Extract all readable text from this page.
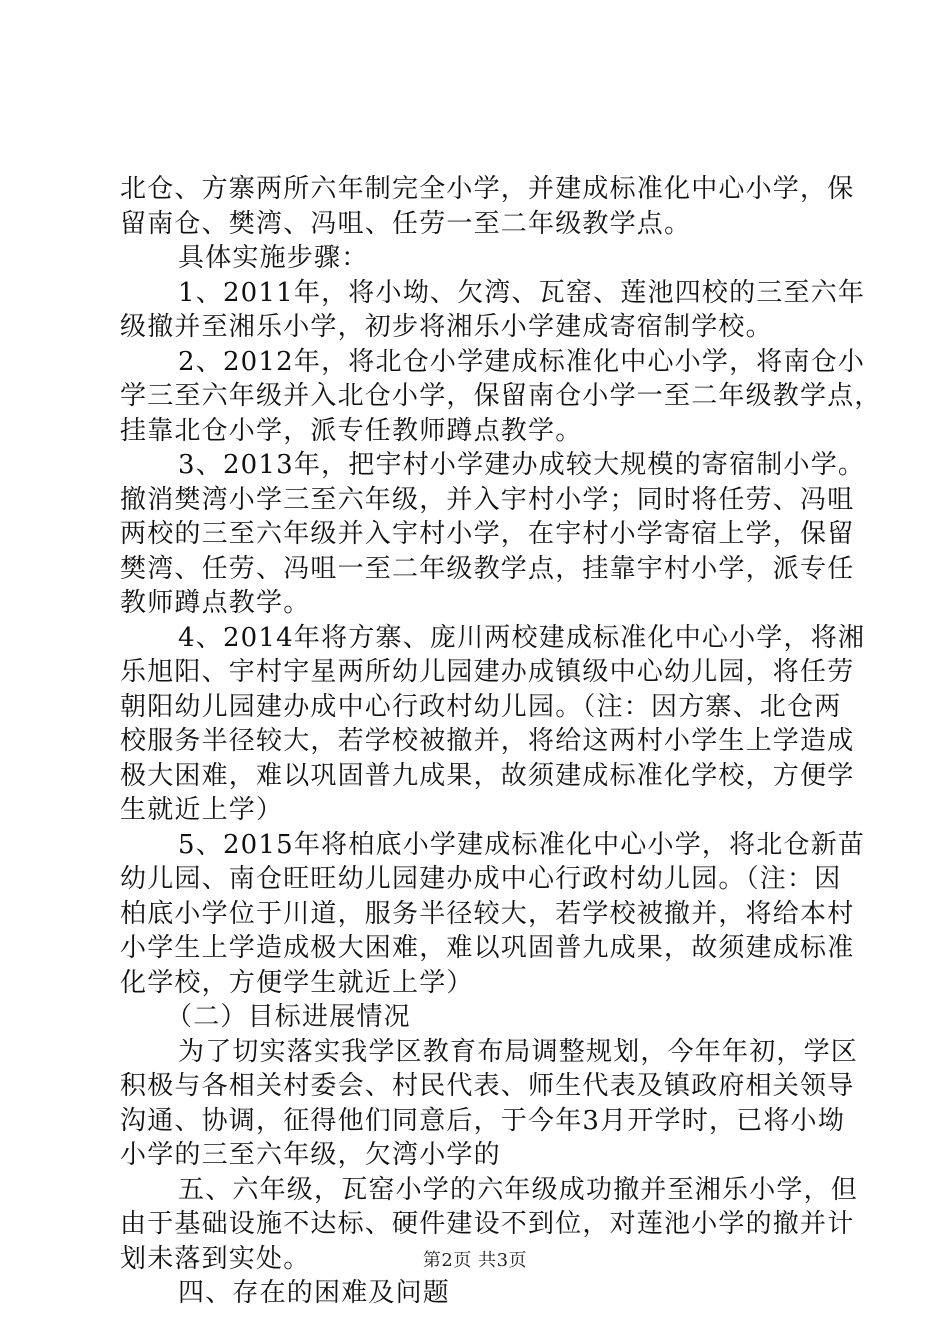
北仓、方寨两所六年制完全小学，并建成标准化中心小学，保
留南仓、樊湾、冯咀、任劳一至二年级教学点。
具体实施步骤：
1、2011年，将小坳、欠湾、瓦窑、莲池四校的三至六年
级撤并至湘乐小学，初步将湘乐小学建成寄宿制学校。
2、2012年，将北仓小学建成标准化中心小学，将南仓小
学三至六年级并入北仓小学，保留南仓小学一至二年级教学点，
挂靠北仓小学，派专任教师蹲点教学。
3、2013年，把宇村小学建办成较大规模的寄宿制小学。
撤消樊湾小学三至六年级，并入宇村小学；同时将任劳、冯咀
两校的三至六年级并入宇村小学，在宇村小学寄宿上学，保留
樊湾、任劳、冯咀一至二年级教学点，挂靠宇村小学，派专任
教师蹲点教学。
4、2014年将方寨、庞川两校建成标准化中心小学，将湘
乐旭阳、宇村宇星两所幼儿园建办成镇级中心幼儿园，将任劳
朝阳幼儿园建办成中心行政村幼儿园。（注：因方寨、北仓两
校服务半径较大，若学校被撤并，将给这两村小学生上学造成
极大困难，难以巩固普九成果，故须建成标准化学校，方便学
生就近上学）
5、2015年将柏底小学建成标准化中心小学，将北仓新苗
幼儿园、南仓旺旺幼儿园建办成中心行政村幼儿园。（注：因
柏底小学位于川道，服务半径较大，若学校被撤并，将给本村
小学生上学造成极大困难，难以巩固普九成果，故须建成标准
化学校，方便学生就近上学）
（二）目标进展情况
为了切实落实我学区教育布局调整规划，今年年初，学区
积极与各相关村委会、村民代表、师生代表及镇政府相关领导
沟通、协调，征得他们同意后，于今年3月开学时，已将小坳
小学的三至六年级，欠湾小学的
五、六年级，瓦窑小学的六年级成功撤并至湘乐小学，但
由于基础设施不达标、硬件建设不到位，对莲池小学的撤并计
划未落到实处。
四、存在的困难及问题
第2页 共3页
